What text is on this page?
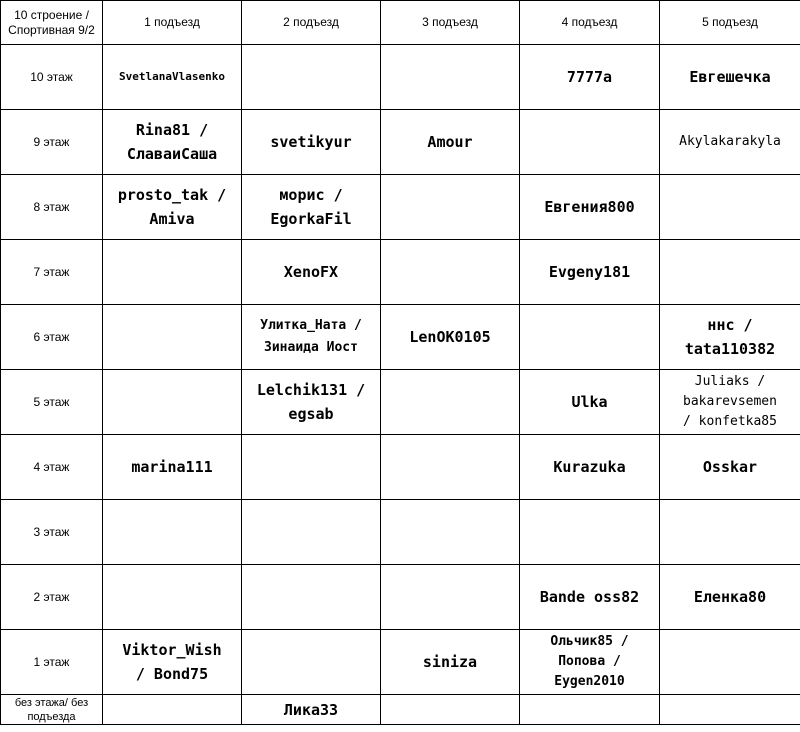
10 строение /
Спортивная 9/2	1 подъезд	2 подъезд	3 подъезд	4 подъезд	5 подъезд
10 этаж	SvetlanaVlasenko			7777a	Евгешечка

9 этаж	Rina81 /
СлаваиСаша	svetikyur	Amour		Akylakarakyla

8 этаж	prosto_tak /
Amiva	морис /
EgorkaFil		Евгения800	

7 этаж		XenoFX		Evgeny181	

6 этаж		Улитка_Ната /
Зинаида Иост	LenOK0105		ннс /
tata110382

5 этаж		Lelchik131 /
egsab		Ulka	Juliaks /
bakarevsemen
/ konfetka85

4 этаж	marina111			Kurazuka	Osskar

3 этаж					
2 этаж				Bande oss82	Еленка80

1 этаж	Viktor_Wish
/ Bond75		siniza	Ольчик85 /
Попова /
Eygen2010	

без этажа/ без подъезда		Лика33			
